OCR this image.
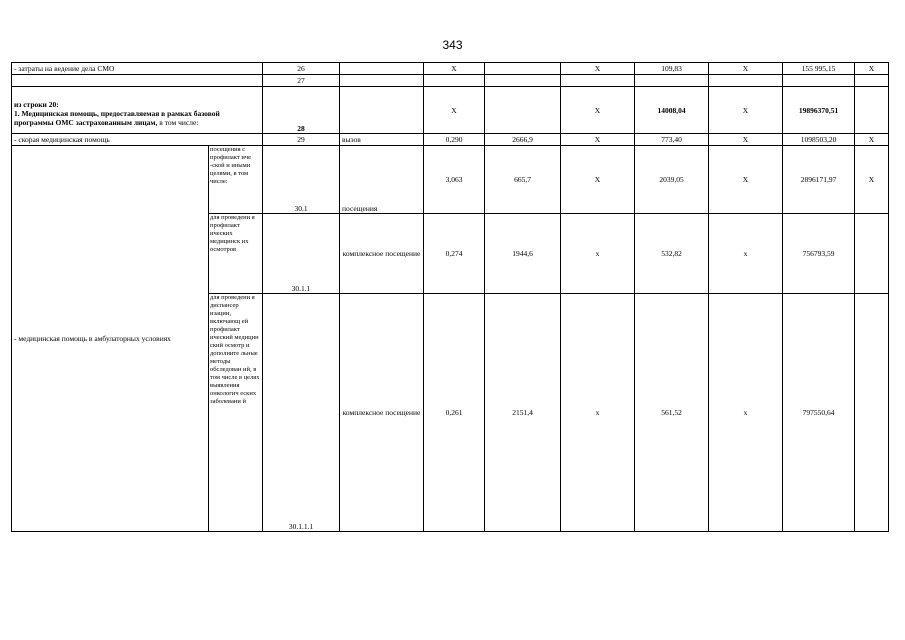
343
- затраты на ведение дела СМО		26		X		X	109,83	X	155 995,15	X
		27								

из строки 20:
1. Медицинская помощь, предоставляемая в рамках базовой программы ОМС застрахованным лицам, в том числе:		28		X		X	14008,04	X	19896370,51	
- скорая медицинская помощь		29	вызов	0,290	2666,9	X	773,40	X	1098503,20	X
- медицинская помощь в амбулаторных условиях	посещения с профилакт иче -ской и иными целями, в том числе:	30.1	посещения	3,063	665,7	X	2039,05	X	2896171,97	X
	для проведени я профилакт ических медицинск их осмотров	30.1.1	комплексное посещение	0,274	1944,6	х	532,82	х	756793,59	
	для проведени я диспансер изации, включающ ей профилакт ический медицин ский осмотр и дополните льные методы обследован ий, в том числе в целях выявления онкологич еских заболевани й	30.1.1.1	комплексное посещение	0,261	2151,4	х	561,52	х	797550,64	
